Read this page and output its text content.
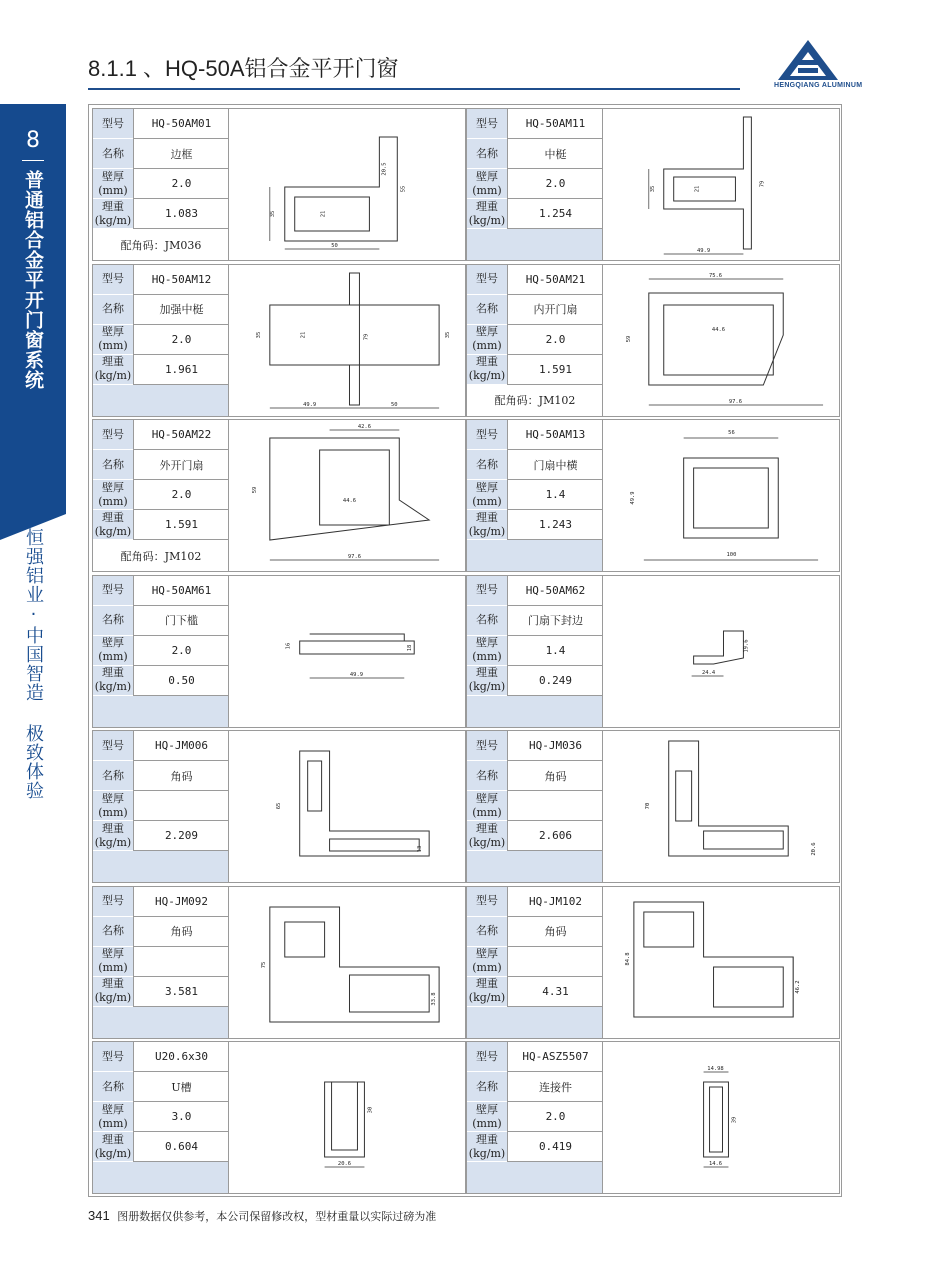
8.1.1 、HQ-50A铝合金平开门窗
HENGQIANG ALUMINUM
8
普通铝合金平开门窗系统
恒强铝业·中国智造 极致体验
型号	HQ-50AM01
名称	边框
壁厚(mm)	2.0
理重(kg/m)	1.083
配角码：JM036	50
35	21
20.5
55
型号	HQ-50AM11
名称	中梃
壁厚(mm)	2.0
理重(kg/m)	1.254
49.9
35	21
79
型号	HQ-50AM12
名称	加强中梃
壁厚(mm)	2.0
理重(kg/m)	1.961
49.9	50
35	21	79	35
型号	HQ-50AM21
名称	内开门扇
壁厚(mm)	2.0
理重(kg/m)	1.591
配角码：JM102
75.6
44.6
59
97.6
型号	HQ-50AM22
名称	外开门扇
壁厚(mm)	2.0
理重(kg/m)	1.591
配角码：JM102
42.6
44.6
59
97.6
型号	HQ-50AM13
名称	门扇中横
壁厚(mm)	1.4
理重(kg/m)	1.243
56
49.9
100
型号	HQ-50AM61
名称	门下槛
壁厚(mm)	2.0
理重(kg/m)	0.50
16	18
49.9
型号	HQ-50AM62
名称	门扇下封边
壁厚(mm)	1.4
理重(kg/m)	0.249
19.6
24.4
型号	HQ-JM006
名称	角码
壁厚(mm)
理重(kg/m)	2.209
65
13
型号	HQ-JM036
名称	角码
壁厚(mm)
理重(kg/m)	2.606
70
20.6
型号	HQ-JM092
名称	角码
壁厚(mm)
理重(kg/m)	3.581
75
33.8
型号	HQ-JM102
名称	角码
壁厚(mm)
理重(kg/m)	4.31
84.8
46.2
型号	U20.6x30
名称	U槽
壁厚(mm)	3.0
理重(kg/m)	0.604
30
20.6
型号	HQ-ASZ5507
名称	连接件
壁厚(mm)	2.0
理重(kg/m)	0.419
14.98
39
14.6
341 图册数据仅供参考，本公司保留修改权，型材重量以实际过磅为准
